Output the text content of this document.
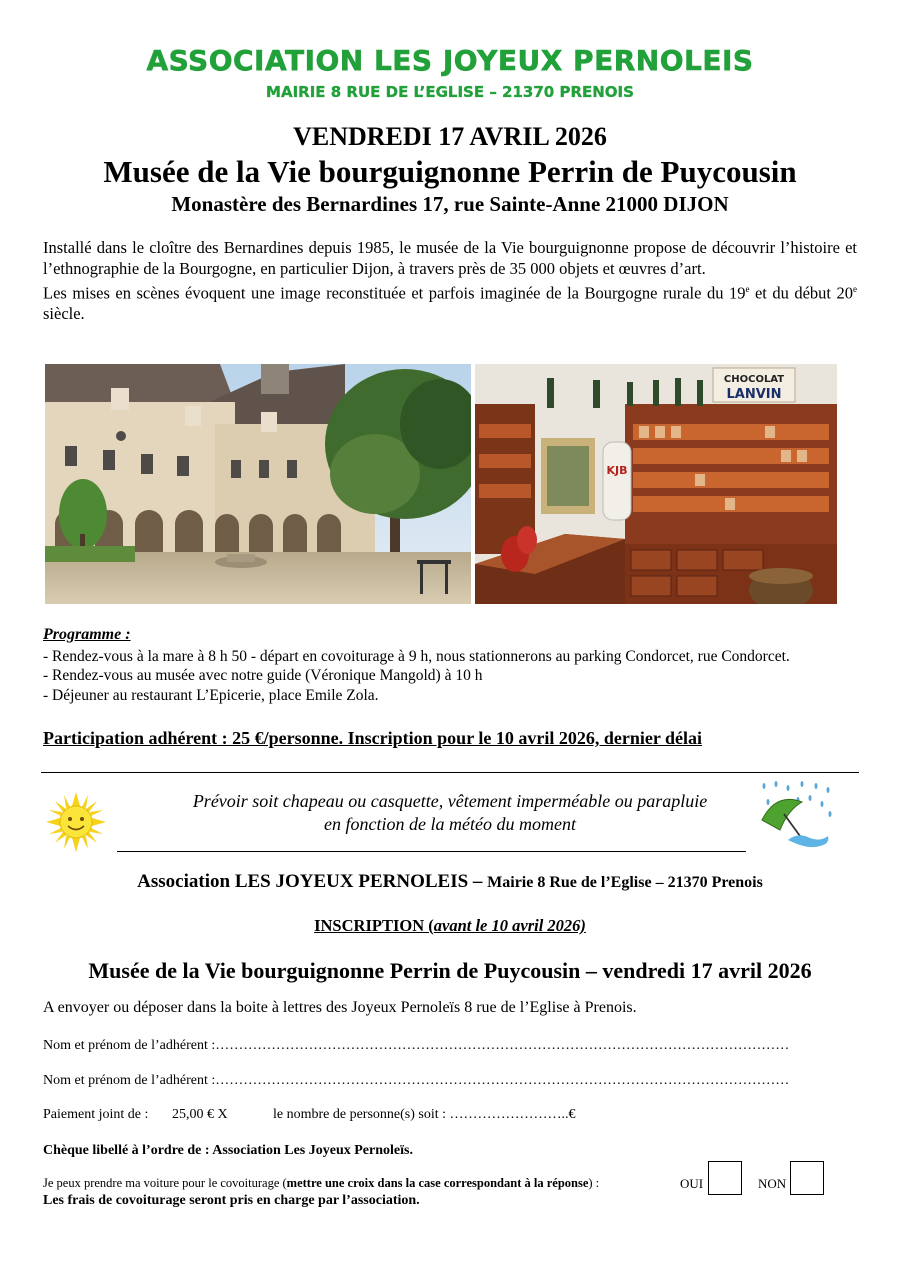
ASSOCIATION LES JOYEUX PERNOLEIS
MAIRIE 8 RUE DE L’EGLISE – 21370 PRENOIS
VENDREDI 17 AVRIL 2026
Musée de la Vie bourguignonne Perrin de Puycousin
Monastère des Bernardines 17, rue Sainte-Anne 21000 DIJON

Installé dans le cloître des Bernardines depuis 1985, le musée de la Vie bourguignonne propose de découvrir l’histoire et l’ethnographie de la Bourgogne, en particulier Dijon, à travers près de 35 000 objets et œuvres d’art.

Les mises en scènes évoquent une image reconstituée et parfois imaginée de la Bourgogne rurale du 19e et du début 20e siècle.

CHOCOLAT
LANVIN
KJB
Programme :
- Rendez-vous à la mare à 8 h 50 - départ en covoiturage à 9 h, nous stationnerons au parking Condorcet, rue Condorcet.
- Rendez-vous au musée avec notre guide (Véronique Mangold) à 10 h
- Déjeuner au restaurant L’Epicerie, place Emile Zola.
Participation adhérent : 25 €/personne. Inscription pour le 10 avril 2026, dernier délai
Prévoir soit chapeau ou casquette, vêtement imperméable ou parapluie
en fonction de la météo du moment
Association LES JOYEUX PERNOLEIS – Mairie 8 Rue de l’Eglise – 21370 Prenois
INSCRIPTION (avant le 10 avril 2026)
Musée de la Vie bourguignonne Perrin de Puycousin – vendredi 17 avril 2026
A envoyer ou déposer dans la boite à lettres des Joyeux Pernoleïs 8 rue de l’Eglise à Prenois.
Nom et prénom de l’adhérent :……………………………………………………………………………………………………………
Nom et prénom de l’adhérent :……………………………………………………………………………………………………………
Paiement joint de : 25,00 € X	le nombre de personne(s) soit : ……………………..€
Chèque libellé à l’ordre de : Association Les Joyeux Pernoleïs.
Je peux prendre ma voiture pour le covoiturage (mettre une croix dans la case correspondant à la réponse) :	OUI	NON
Les frais de covoiturage seront pris en charge par l’association.
